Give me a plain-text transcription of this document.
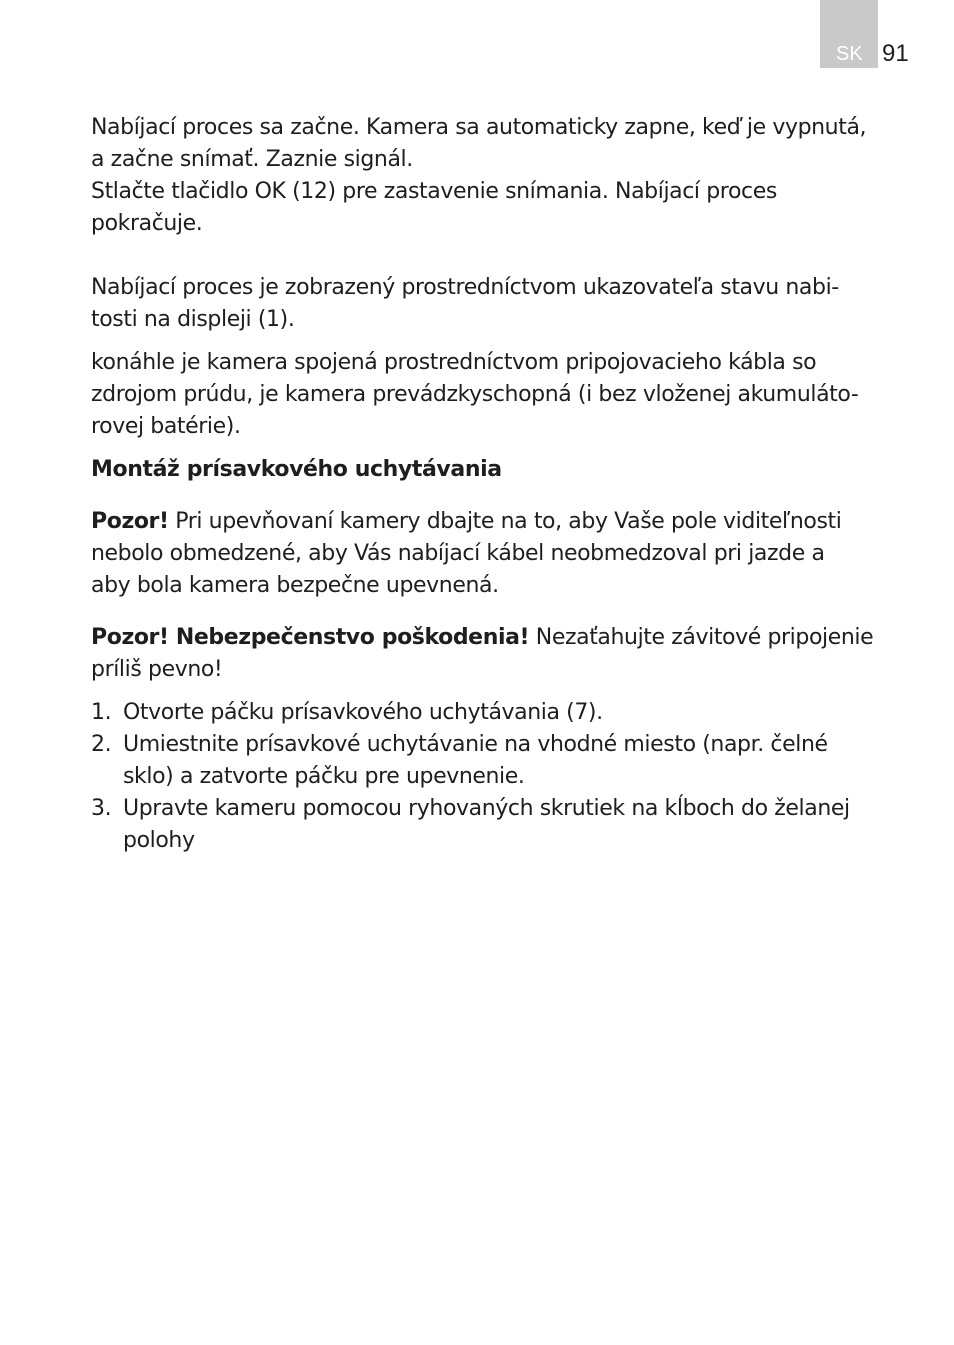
SK 91

Nabíjací proces sa začne. Kamera sa automaticky zapne, keď je vypnutá,
a začne snímať. Zaznie signál.
Stlačte tlačidlo OK (12) pre zastavenie snímania. Nabíjací proces
pokračuje.

Nabíjací proces je zobrazený prostredníctvom ukazovateľa stavu nabi-
tosti na displeji (1).

konáhle je kamera spojená prostredníctvom pripojovacieho kábla so
zdrojom prúdu, je kamera prevádzkyschopná (i bez vloženej akumuláto-
rovej batérie).

Montáž prísavkového uchytávania

Pozor! Pri upevňovaní kamery dbajte na to, aby Vaše pole viditeľnosti
nebolo obmedzené, aby Vás nabíjací kábel neobmedzoval pri jazde a
aby bola kamera bezpečne upevnená.

Pozor! Nebezpečenstvo poškodenia! Nezaťahujte závitové pripojenie
príliš pevno!

1. Otvorte páčku prísavkového uchytávania (7).
2. Umiestnite prísavkové uchytávanie na vhodné miesto (napr. čelné
sklo) a zatvorte páčku pre upevnenie.
3. Upravte kameru pomocou ryhovaných skrutiek na kĺboch do želanej
polohy
